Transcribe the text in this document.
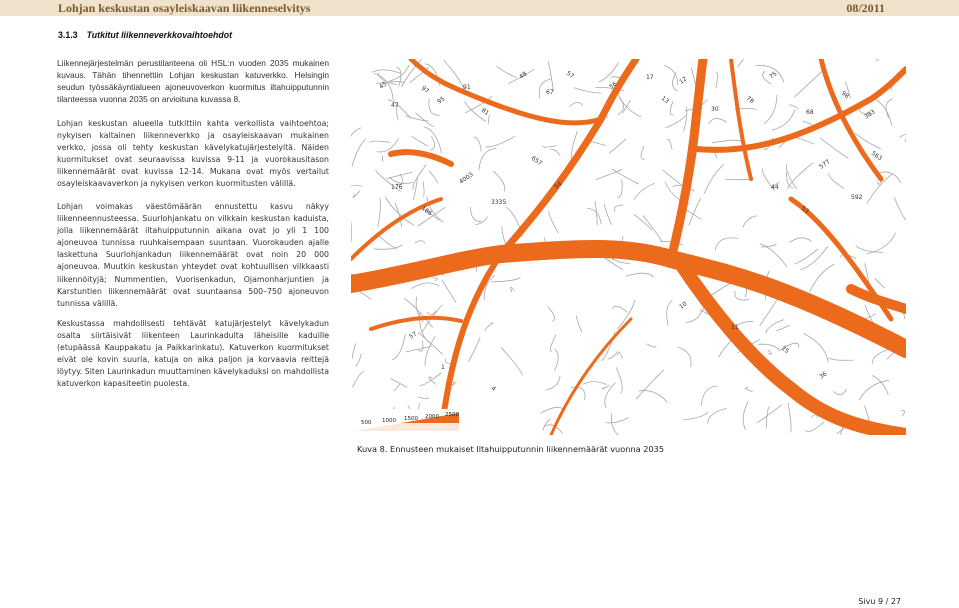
Lohjan keskustan osayleiskaavan liikenneselvitys	08/2011
3.1.3 Tutkitut liikenneverkkovaihtoehdot
Liikennejärjestelmän perustilanteena oli HSL:n vuoden 2035 mukainen kuvaus. Tähän tihennettiin Lohjan keskustan katuverkko. Helsingin seudun työssäkäyntialueen ajoneuvoverkon kuormitus iltahuipputunnin tilanteessa vuonna 2035 on arvioituna kuvassa 8.
Lohjan keskustan alueella tutkittiin kahta verkollista vaihtoehtoa; nykyisen kaltainen liikenneverkko ja osayleiskaavan mukainen verkko, jossa oli tehty keskustan kävelykatujärjestelyitä. Näiden kuormitukset ovat seuraavissa kuvissa 9-11 ja vuorokausitason liikennemäärät ovat kuvissa 12-14. Mukana ovat myös vertailut osayleiskaavaverkon ja nykyisen verkon kuormitusten välillä.
Lohjan voimakas väestömäärän ennustettu kasvu näkyy liikenneennusteessa. Suurlohjankatu on vilkkain keskustan kaduista, jolla liikennemäärät iltahuipputunnin aikana ovat jo yli 1 100 ajoneuvoa tunnissa ruuhkaisempaan suuntaan. Vuorokauden ajalle laskettuna Suurlohjankadun liikennemäärät ovat noin 20 000 ajoneuvoa. Muutkin keskustan yhteydet ovat kohtuullisen vilkkaasti liikennöityjä; Nummentien, Vuorisenkadun, Ojamonharjuntien ja Karstuntien liikennemäärät ovat suuntaansa 500–750 ajoneuvon tunnissa välillä.
Keskustassa mahdollisesti tehtävät katujärjestelyt kävelykadun osalta siirtäisivät liikenteen Laurinkadulta läheisille kaduille (etupäässä Kauppakatu ja Paikkarinkatu). Katuverkon kuormitukset eivät ole kovin suuria, katuja on aika paljon ja korvaavia reittejä löytyy. Siten Laurinkadun muuttaminen kävelykaduksi on mahdollista katuverkon kapasiteetin puolesta.
45
47
97
95
91
81
48
67
57
56
17
13
12
30
78
75
68
98
383
176
186
4003
3335
657
54	44
53
577
592
563
57
1
4
10
11
25
36
500 1000 1500 2000 2500
Kuva 8. Ennusteen mukaiset Iltahuipputunnin liikennemäärät vuonna 2035
Sivu 9 / 27
